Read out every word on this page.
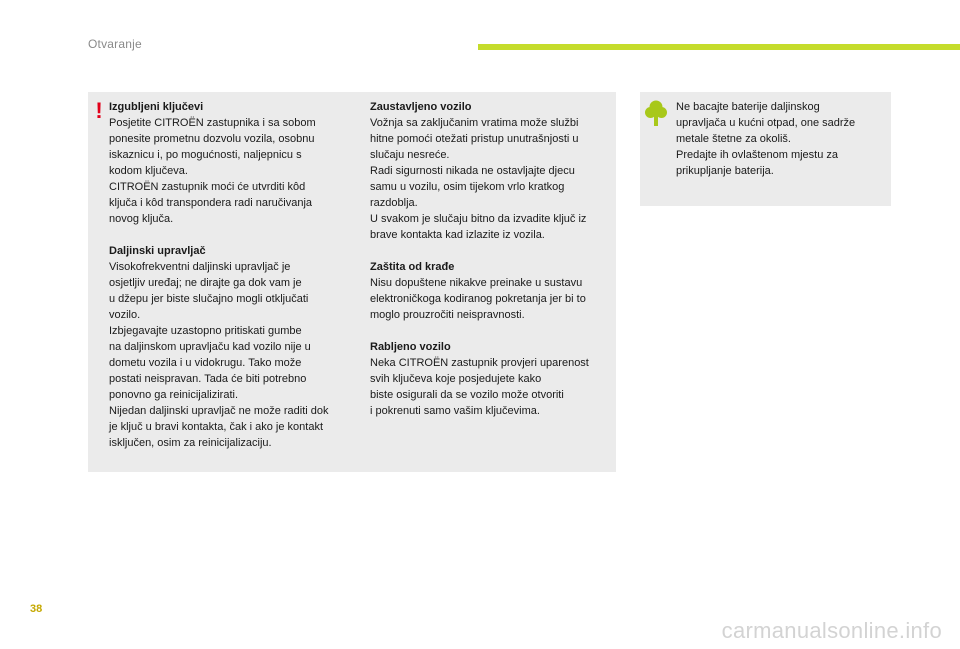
Otvaranje
! Izgubljeni ključevi
Posjetite CITROËN zastupnika i sa sobom
ponesite prometnu dozvolu vozila, osobnu
iskaznicu i, po mogućnosti, naljepnicu s
kodom ključeva.
CITROËN zastupnik moći će utvrditi kôd
ključa i kôd transpondera radi naručivanja
novog ključa.
Daljinski upravljač
Visokofrekventni daljinski upravljač je
osjetljiv uređaj; ne dirajte ga dok vam je
u džepu jer biste slučajno mogli otključati
vozilo.
Izbjegavajte uzastopno pritiskati gumbe
na daljinskom upravljaču kad vozilo nije u
dometu vozila i u vidokrugu. Tako može
postati neispravan. Tada će biti potrebno
ponovno ga reinicijalizirati.
Nijedan daljinski upravljač ne može raditi dok
je ključ u bravi kontakta, čak i ako je kontakt
isključen, osim za reinicijalizaciju.
Zaustavljeno vozilo
Vožnja sa zaključanim vratima može službi
hitne pomoći otežati pristup unutrašnjosti u
slučaju nesreće.
Radi sigurnosti nikada ne ostavljajte djecu
samu u vozilu, osim tijekom vrlo kratkog
razdoblja.
U svakom je slučaju bitno da izvadite ključ iz
brave kontakta kad izlazite iz vozila.
Zaštita od krađe
Nisu dopuštene nikakve preinake u sustavu
elektroničkoga kodiranog pokretanja jer bi to
moglo prouzročiti neispravnosti.
Rabljeno vozilo
Neka CITROËN zastupnik provjeri uparenost
svih ključeva koje posjedujete kako
biste osigurali da se vozilo može otvoriti
i pokrenuti samo vašim ključevima.
Ne bacajte baterije daljinskog
upravljača u kućni otpad, one sadrže
metale štetne za okoliš.
Predajte ih ovlaštenom mjestu za
prikupljanje baterija.
38
carmanualsonline.info
